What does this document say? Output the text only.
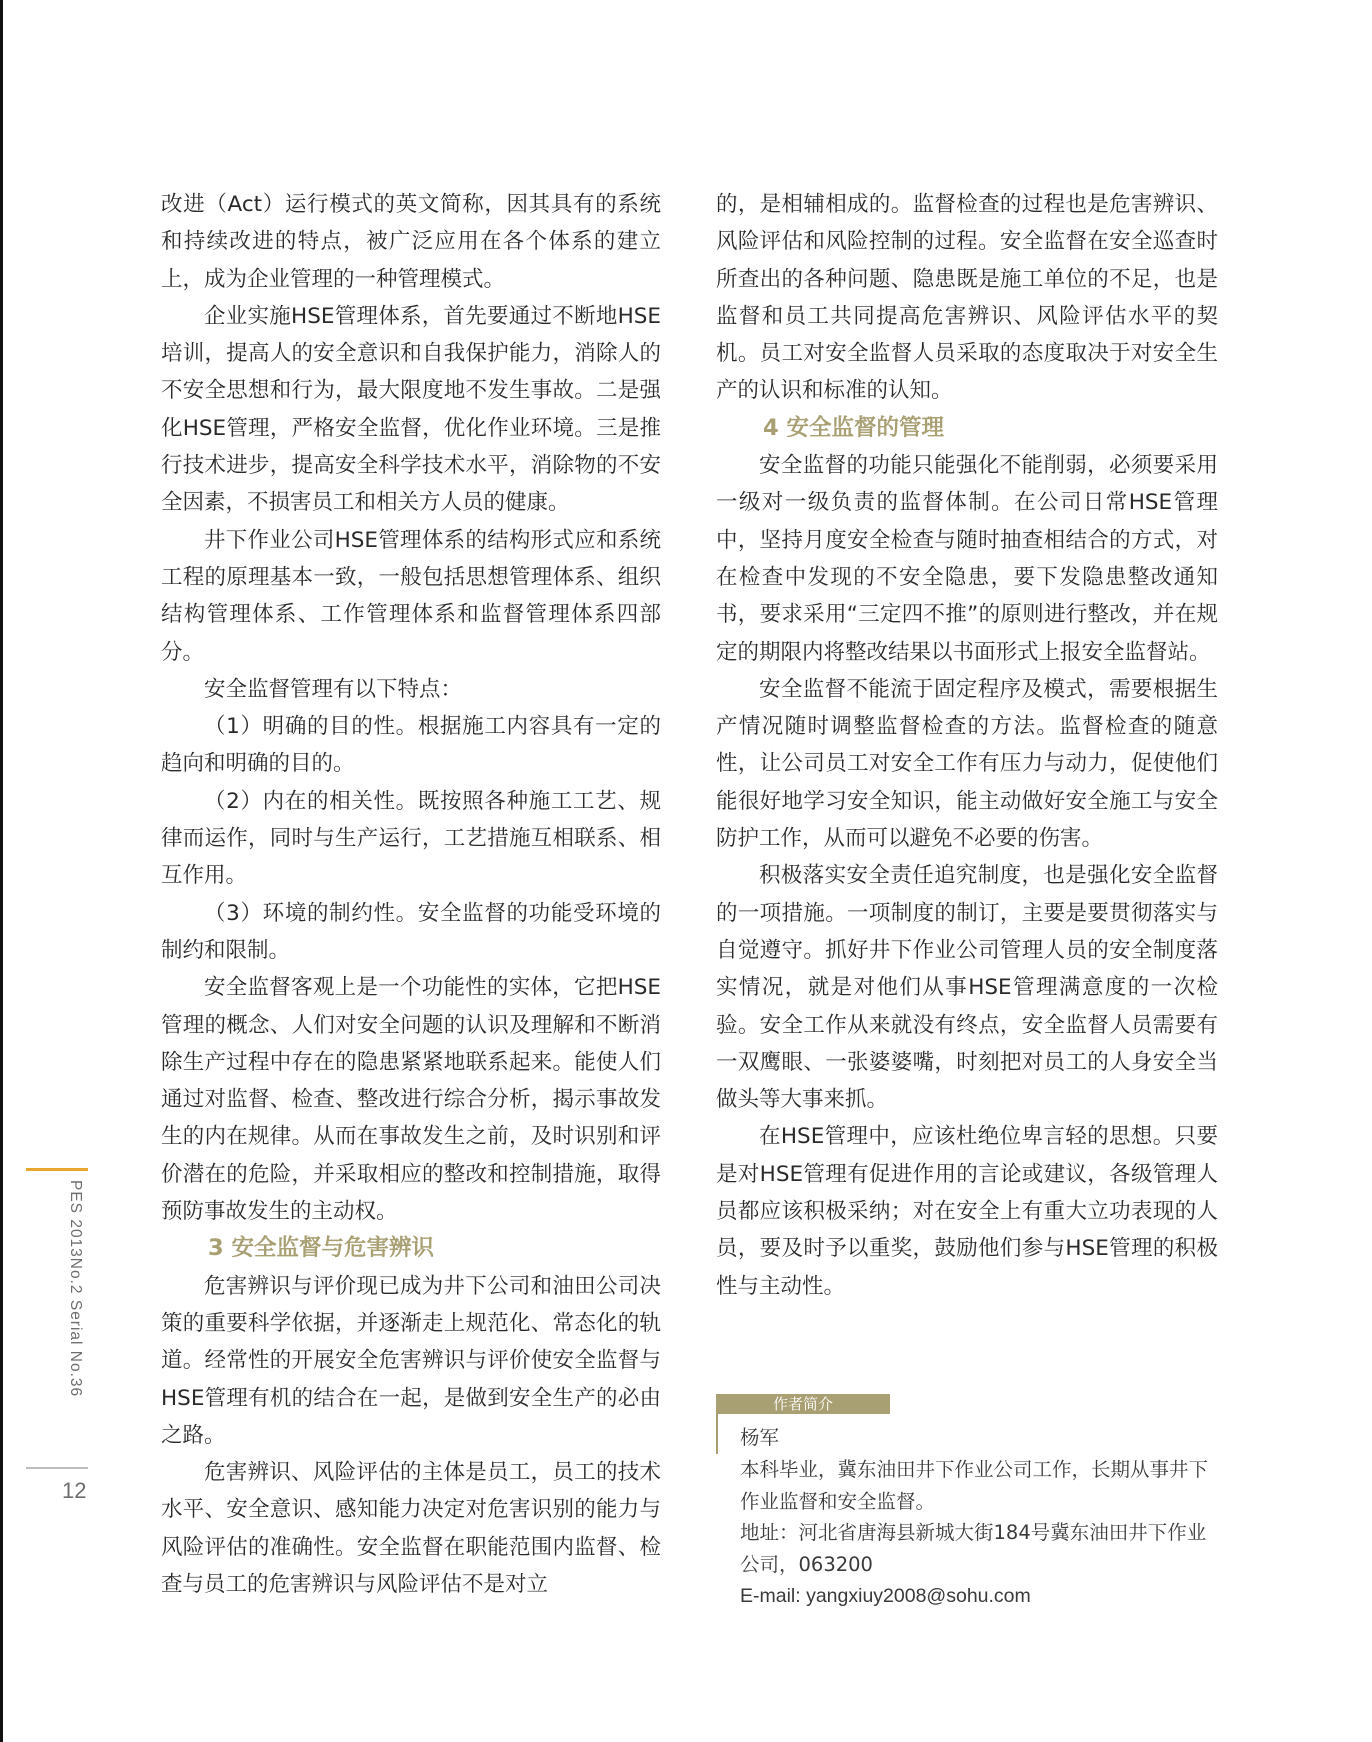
改进（Act）运行模式的英文简称，因其具有的系统和持续改进的特点，被广泛应用在各个体系的建立上，成为企业管理的一种管理模式。

企业实施HSE管理体系，首先要通过不断地HSE培训，提高人的安全意识和自我保护能力，消除人的不安全思想和行为，最大限度地不发生事故。二是强化HSE管理，严格安全监督，优化作业环境。三是推行技术进步，提高安全科学技术水平，消除物的不安全因素，不损害员工和相关方人员的健康。

井下作业公司HSE管理体系的结构形式应和系统工程的原理基本一致，一般包括思想管理体系、组织结构管理体系、工作管理体系和监督管理体系四部分。

安全监督管理有以下特点：

（1）明确的目的性。根据施工内容具有一定的趋向和明确的目的。

（2）内在的相关性。既按照各种施工工艺、规律而运作，同时与生产运行，工艺措施互相联系、相互作用。

（3）环境的制约性。安全监督的功能受环境的制约和限制。

安全监督客观上是一个功能性的实体，它把HSE管理的概念、人们对安全问题的认识及理解和不断消除生产过程中存在的隐患紧紧地联系起来。能使人们通过对监督、检查、整改进行综合分析，揭示事故发生的内在规律。从而在事故发生之前，及时识别和评价潜在的危险，并采取相应的整改和控制措施，取得预防事故发生的主动权。

3 安全监督与危害辨识

危害辨识与评价现已成为井下公司和油田公司决策的重要科学依据，并逐渐走上规范化、常态化的轨道。经常性的开展安全危害辨识与评价使安全监督与HSE管理有机的结合在一起，是做到安全生产的必由之路。

危害辨识、风险评估的主体是员工，员工的技术水平、安全意识、感知能力决定对危害识别的能力与风险评估的准确性。安全监督在职能范围内监督、检查与员工的危害辨识与风险评估不是对立

的，是相辅相成的。监督检查的过程也是危害辨识、风险评估和风险控制的过程。安全监督在安全巡查时所查出的各种问题、隐患既是施工单位的不足，也是监督和员工共同提高危害辨识、风险评估水平的契机。员工对安全监督人员采取的态度取决于对安全生产的认识和标准的认知。

4 安全监督的管理

安全监督的功能只能强化不能削弱，必须要采用一级对一级负责的监督体制。在公司日常HSE管理中，坚持月度安全检查与随时抽查相结合的方式，对在检查中发现的不安全隐患，要下发隐患整改通知书，要求采用“三定四不推”的原则进行整改，并在规定的期限内将整改结果以书面形式上报安全监督站。

安全监督不能流于固定程序及模式，需要根据生产情况随时调整监督检查的方法。监督检查的随意性，让公司员工对安全工作有压力与动力，促使他们能很好地学习安全知识，能主动做好安全施工与安全防护工作，从而可以避免不必要的伤害。

积极落实安全责任追究制度，也是强化安全监督的一项措施。一项制度的制订，主要是要贯彻落实与自觉遵守。抓好井下作业公司管理人员的安全制度落实情况，就是对他们从事HSE管理满意度的一次检验。安全工作从来就没有终点，安全监督人员需要有一双鹰眼、一张婆婆嘴，时刻把对员工的人身安全当做头等大事来抓。

在HSE管理中，应该杜绝位卑言轻的思想。只要是对HSE管理有促进作用的言论或建议，各级管理人员都应该积极采纳；对在安全上有重大立功表现的人员，要及时予以重奖，鼓励他们参与HSE管理的积极性与主动性。

PES 2013No.2 Serial No.36
12
作者简介

杨军

本科毕业，冀东油田井下作业公司工作，长期从事井下作业监督和安全监督。

地址：河北省唐海县新城大街184号冀东油田井下作业公司，063200

E-mail: yangxiuy2008@sohu.com
